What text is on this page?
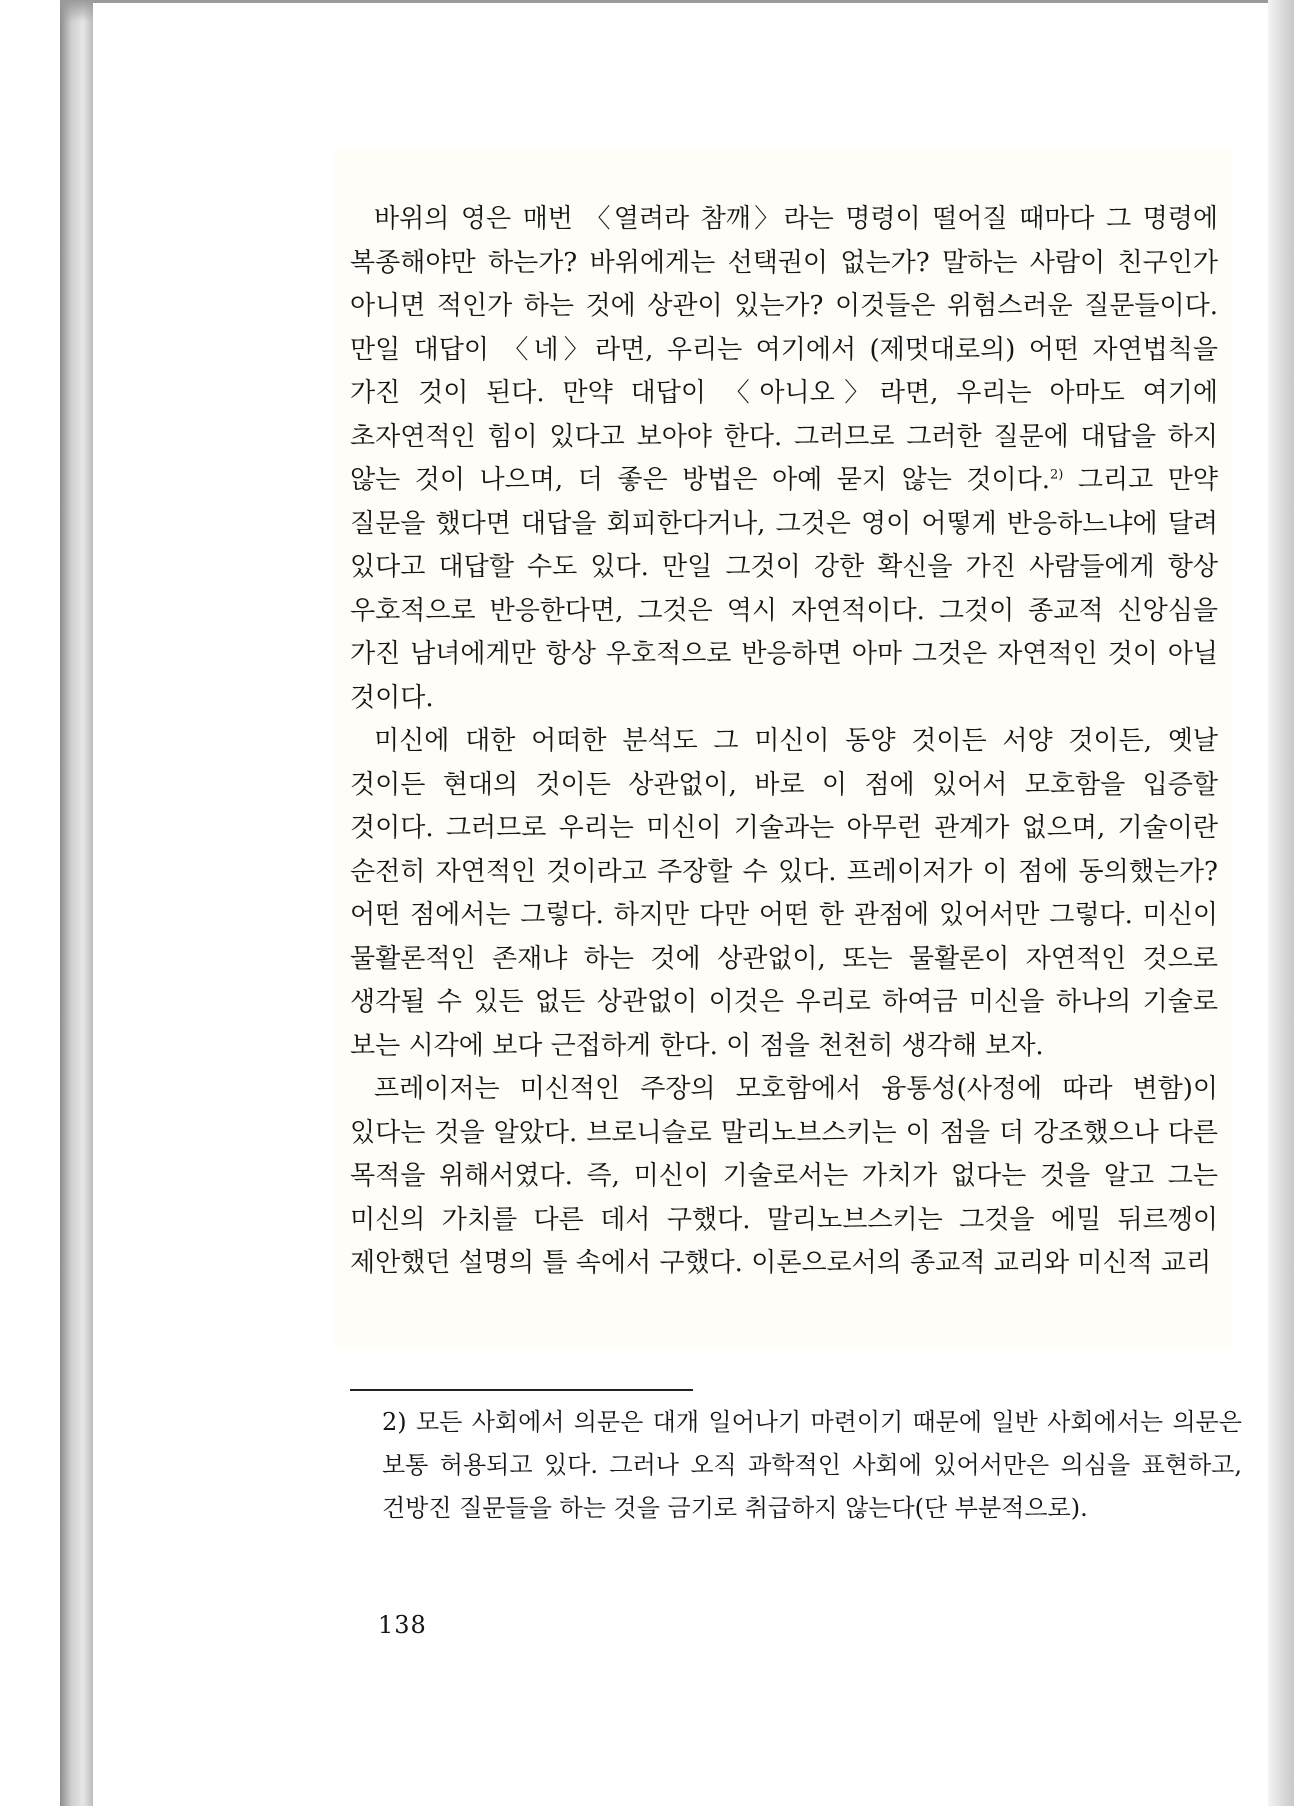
바위의 영은 매번 〈열려라 참깨〉라는 명령이 떨어질 때마다 그 명령에 복종해야만 하는가? 바위에게는 선택권이 없는가? 말하는 사람이 친구인가 아니면 적인가 하는 것에 상관이 있는가? 이것들은 위험스러운 질문들이다. 만일 대답이 〈네〉라면, 우리는 여기에서 (제멋대로의) 어떤 자연법칙을 가진 것이 된다. 만약 대답이 〈아니오〉라면, 우리는 아마도 여기에 초자연적인 힘이 있다고 보아야 한다. 그러므로 그러한 질문에 대답을 하지 않는 것이 나으며, 더 좋은 방법은 아예 묻지 않는 것이다.$^{2)}$ 그리고 만약 질문을 했다면 대답을 회피한다거나, 그것은 영이 어떻게 반응하느냐에 달려 있다고 대답할 수도 있다. 만일 그것이 강한 확신을 가진 사람들에게 항상 우호적으로 반응한다면, 그것은 역시 자연적이다. 그것이 종교적 신앙심을 가진 남녀에게만 항상 우호적으로 반응하면 아마 그것은 자연적인 것이 아닐 것이다.

미신에 대한 어떠한 분석도 그 미신이 동양 것이든 서양 것이든, 옛날 것이든 현대의 것이든 상관없이, 바로 이 점에 있어서 모호함을 입증할 것이다. 그러므로 우리는 미신이 기술과는 아무런 관계가 없으며, 기술이란 순전히 자연적인 것이라고 주장할 수 있다. 프레이저가 이 점에 동의했는가? 어떤 점에서는 그렇다. 하지만 다만 어떤 한 관점에 있어서만 그렇다. 미신이 물활론적인 존재냐 하는 것에 상관없이, 또는 물활론이 자연적인 것으로 생각될 수 있든 없든 상관없이 이것은 우리로 하여금 미신을 하나의 기술로 보는 시각에 보다 근접하게 한다. 이 점을 천천히 생각해 보자.

프레이저는 미신적인 주장의 모호함에서 융통성(사정에 따라 변함)이 있다는 것을 알았다. 브로니슬로 말리노브스키는 이 점을 더 강조했으나 다른 목적을 위해서였다. 즉, 미신이 기술로서는 가치가 없다는 것을 알고 그는 미신의 가치를 다른 데서 구했다. 말리노브스키는 그것을 에밀 뒤르껭이 제안했던 설명의 틀 속에서 구했다. 이론으로서의 종교적 교리와 미신적 교리

2) 모든 사회에서 의문은 대개 일어나기 마련이기 때문에 일반 사회에서는 의문은 보통 허용되고 있다. 그러나 오직 과학적인 사회에 있어서만은 의심을 표현하고, 건방진 질문들을 하는 것을 금기로 취급하지 않는다(단 부분적으로).

138
